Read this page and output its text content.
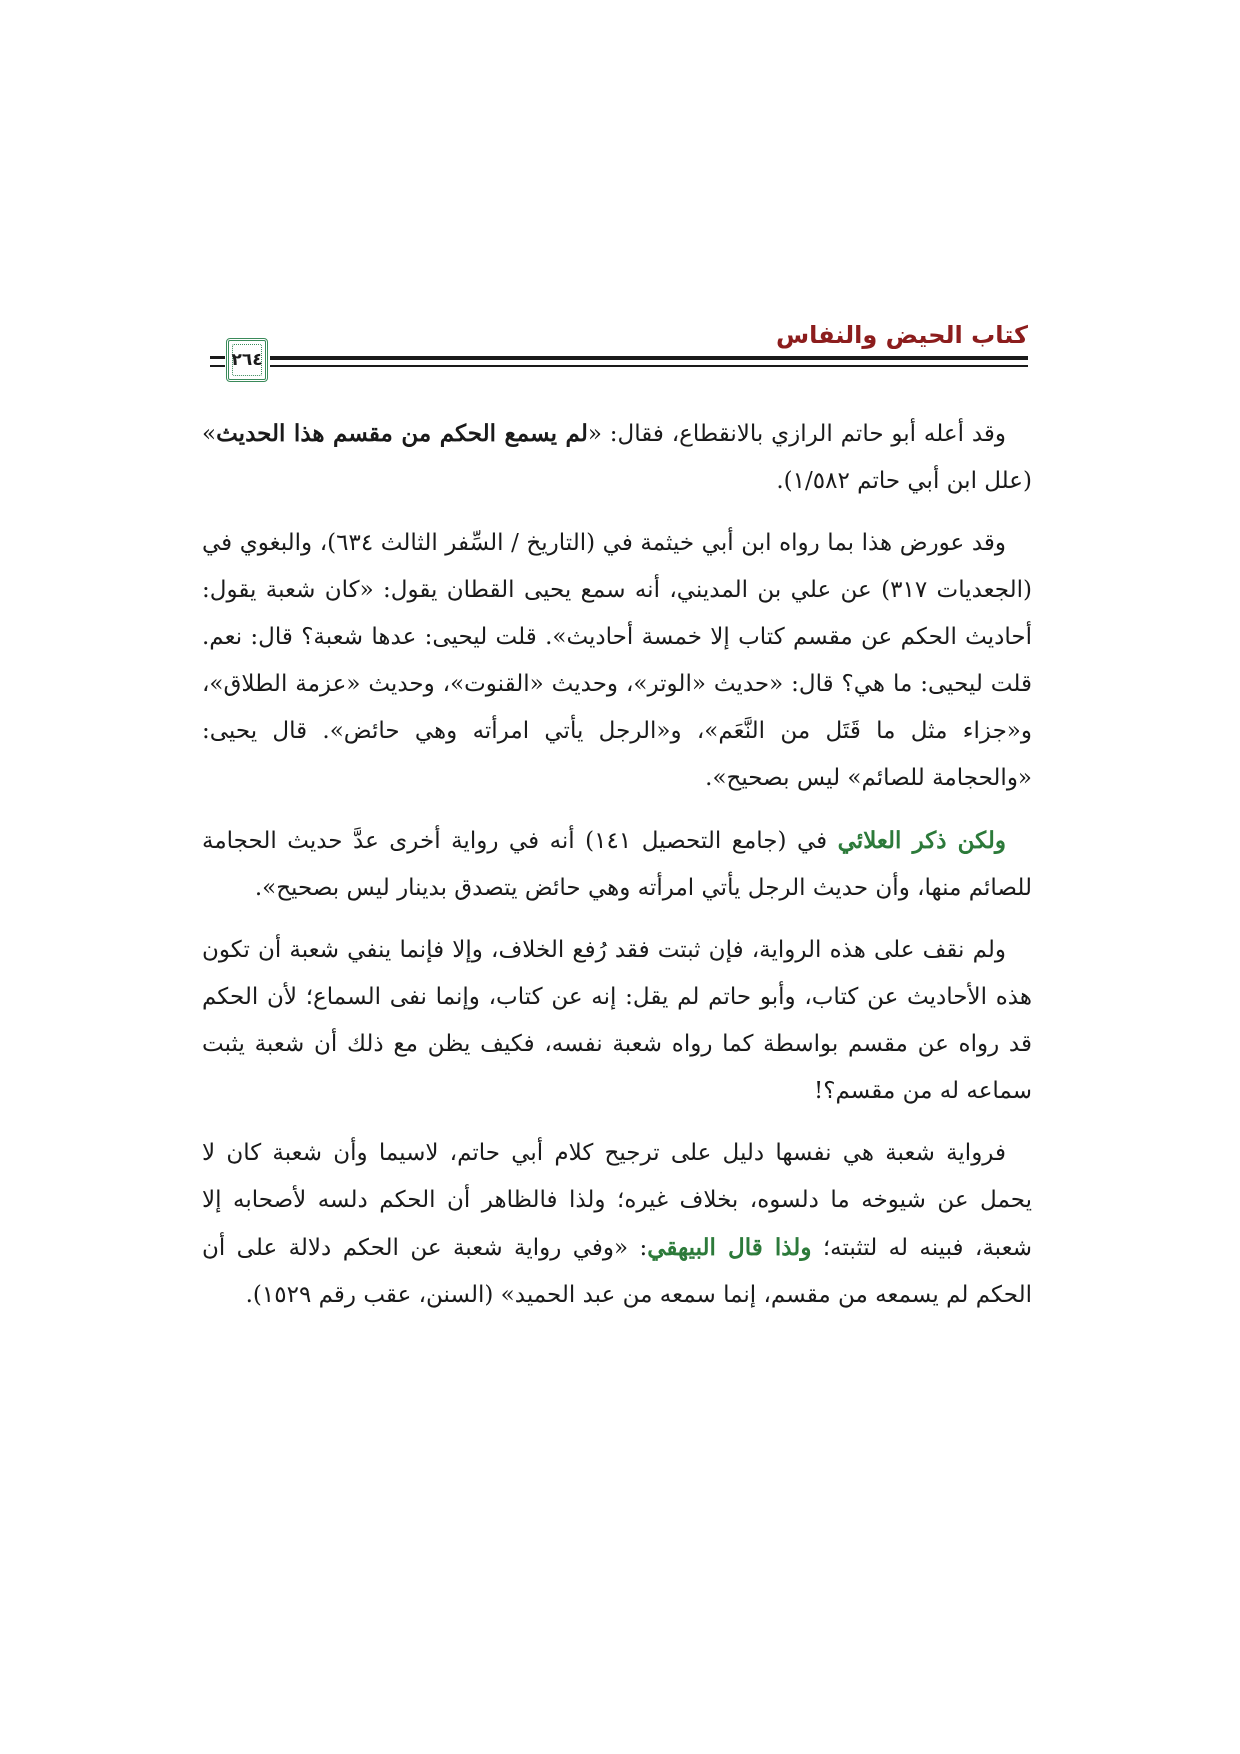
كتاب الحيض والنفاس
٢٦٤

وقد أعله أبو حاتم الرازي بالانقطاع، فقال: «لم يسمع الحكم من مقسم هذا الحديث» (علل ابن أبي حاتم ١/٥٨٢).

وقد عورض هذا بما رواه ابن أبي خيثمة في (التاريخ / السِّفر الثالث ٦٣٤)، والبغوي في (الجعديات ٣١٧) عن علي بن المديني، أنه سمع يحيى القطان يقول: «كان شعبة يقول: أحاديث الحكم عن مقسم كتاب إلا خمسة أحاديث». قلت ليحيى: عدها شعبة؟ قال: نعم. قلت ليحيى: ما هي؟ قال: «حديث «الوتر»، وحديث «القنوت»، وحديث «عزمة الطلاق»، و«جزاء مثل ما قَتَل من النَّعَم»، و«الرجل يأتي امرأته وهي حائض». قال يحيى: «والحجامة للصائم» ليس بصحيح».

ولكن ذكر العلائي في (جامع التحصيل ١٤١) أنه في رواية أخرى عدَّ حديث الحجامة للصائم منها، وأن حديث الرجل يأتي امرأته وهي حائض يتصدق بدينار ليس بصحيح».

ولم نقف على هذه الرواية، فإن ثبتت فقد رُفع الخلاف، وإلا فإنما ينفي شعبة أن تكون هذه الأحاديث عن كتاب، وأبو حاتم لم يقل: إنه عن كتاب، وإنما نفى السماع؛ لأن الحكم قد رواه عن مقسم بواسطة كما رواه شعبة نفسه، فكيف يظن مع ذلك أن شعبة يثبت سماعه له من مقسم؟!

فرواية شعبة هي نفسها دليل على ترجيح كلام أبي حاتم، لاسيما وأن شعبة كان لا يحمل عن شيوخه ما دلسوه، بخلاف غيره؛ ولذا فالظاهر أن الحكم دلسه لأصحابه إلا شعبة، فبينه له لتثبته؛ ولذا قال البيهقي: «وفي رواية شعبة عن الحكم دلالة على أن الحكم لم يسمعه من مقسم، إنما سمعه من عبد الحميد» (السنن، عقب رقم ١٥٢٩).
